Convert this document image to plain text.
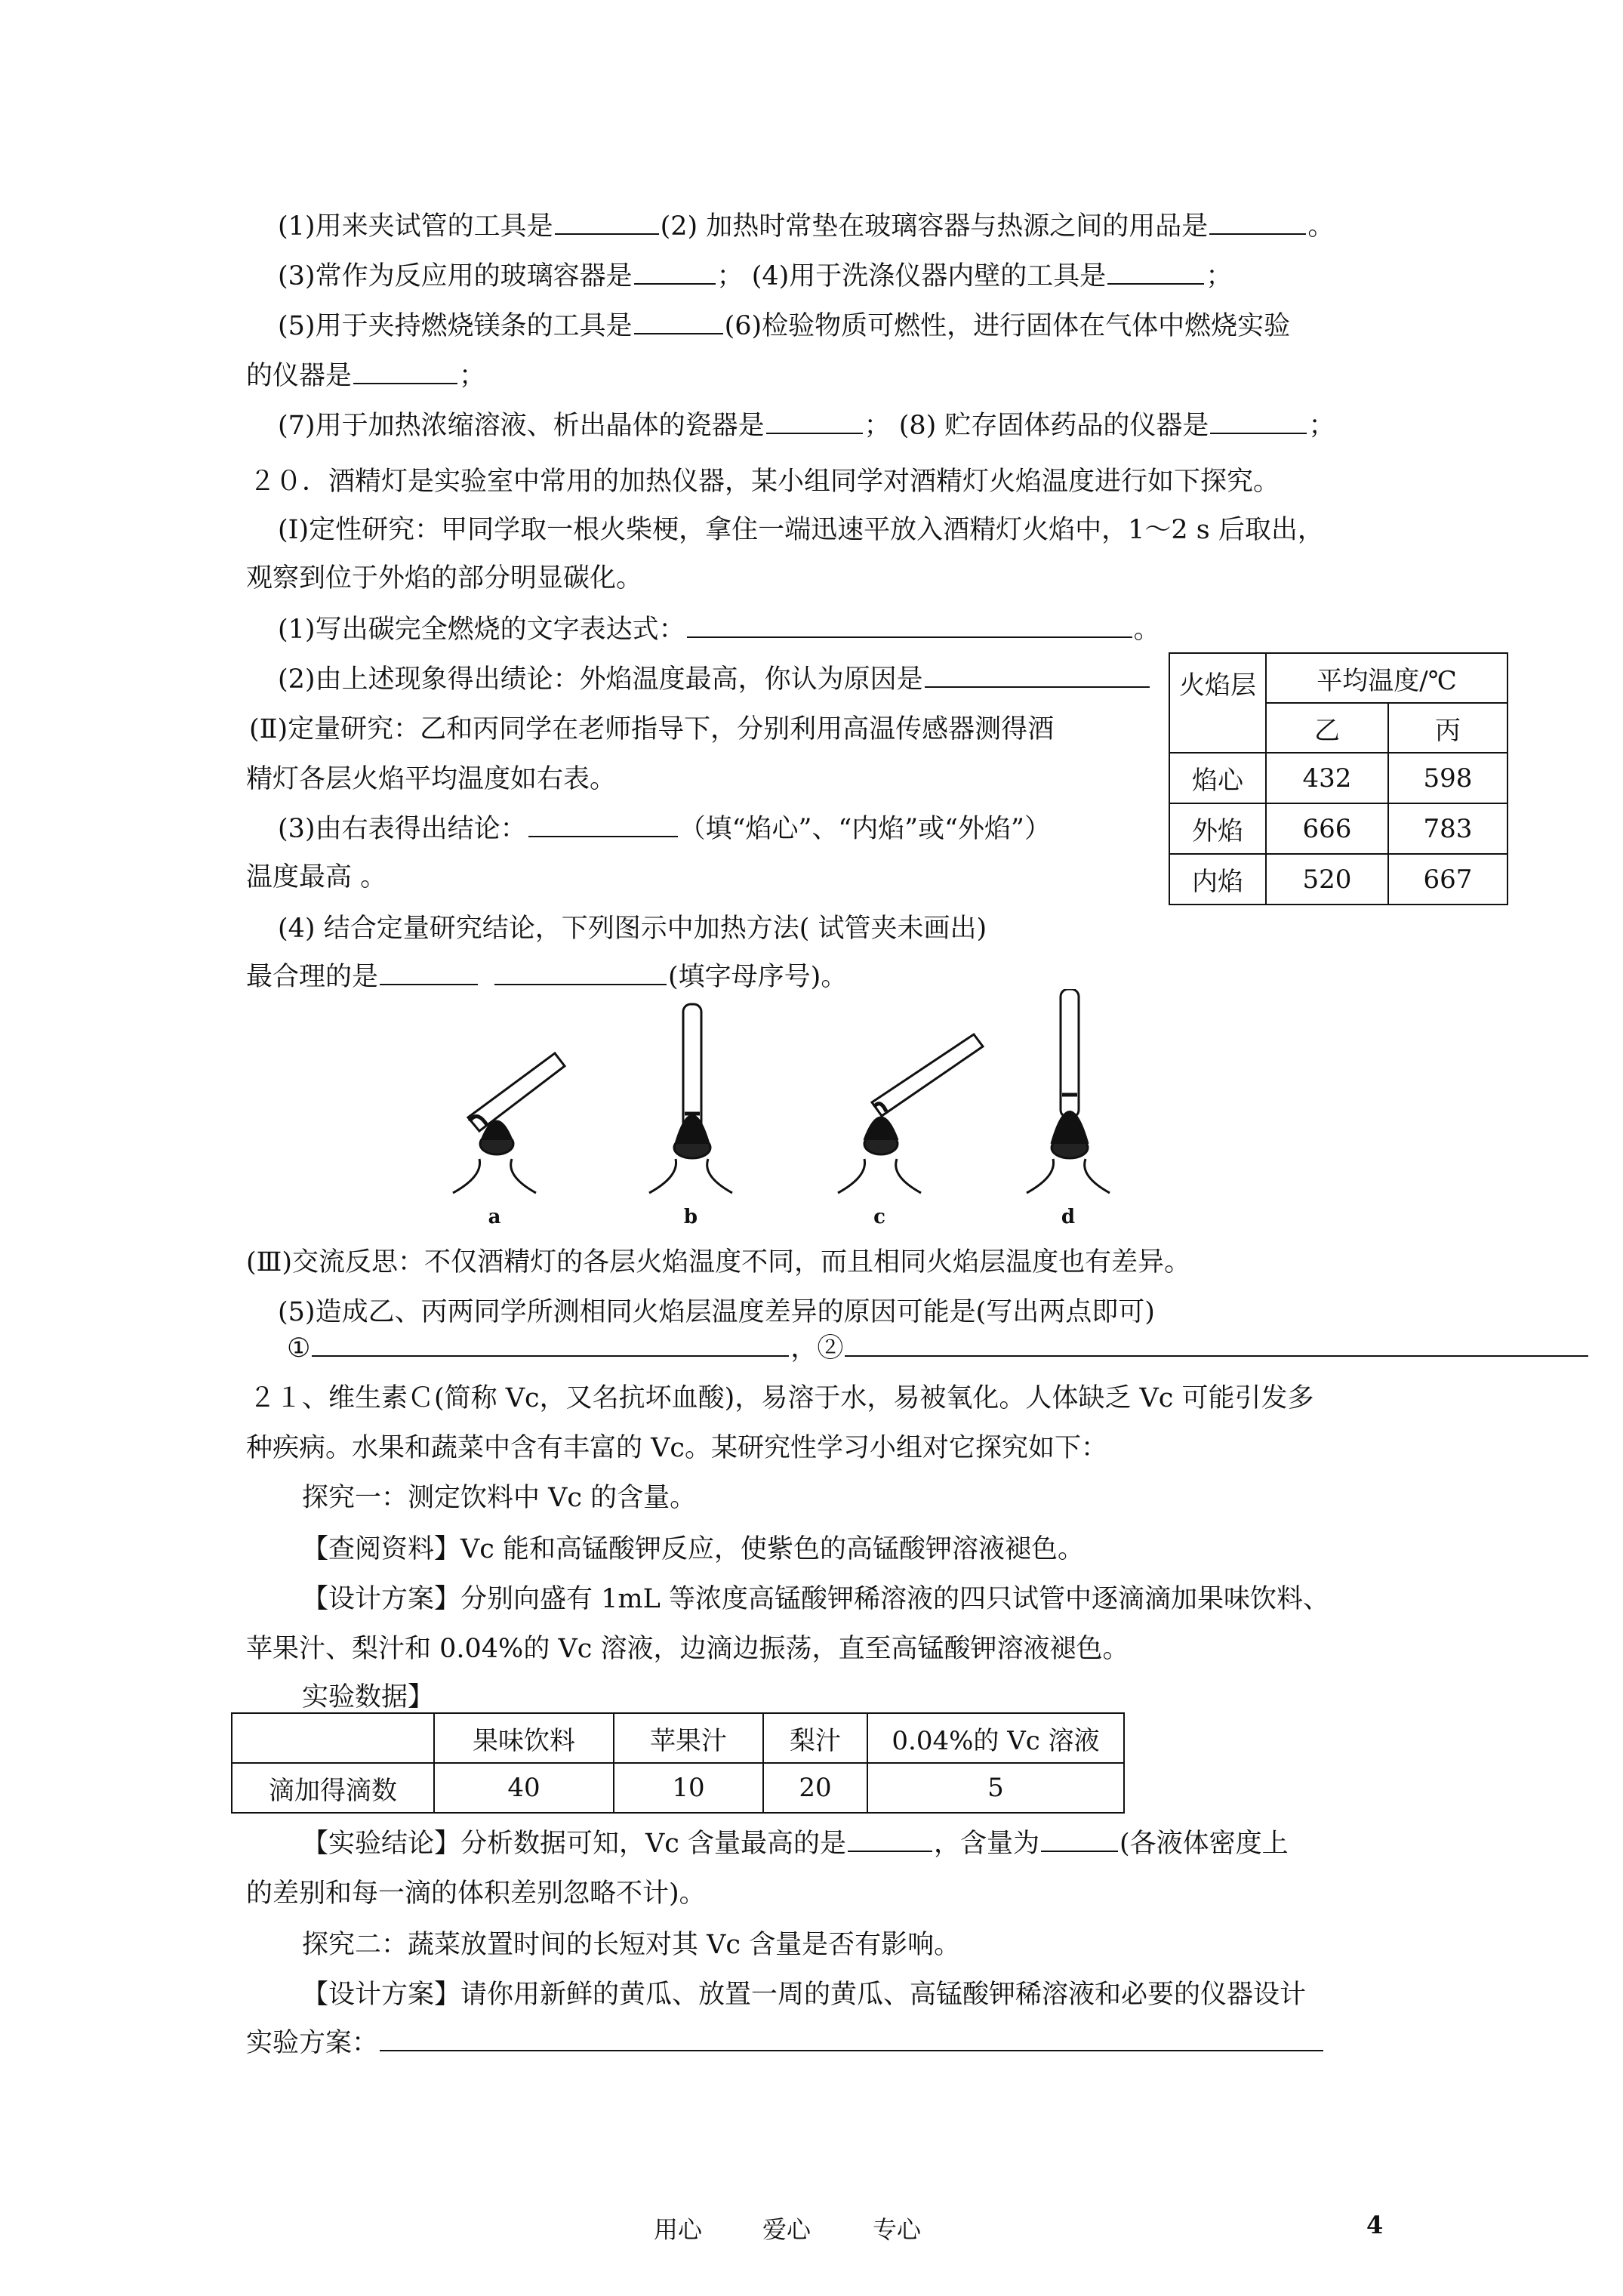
(1)用来夹试管的工具是	(2) 加热时常垫在玻璃容器与热源之间的用品是	。
(3)常作为反应用的玻璃容器是	； (4)用于洗涤仪器内壁的工具是	；
(5)用于夹持燃烧镁条的工具是	(6)检验物质可燃性，进行固体在气体中燃烧实验
的仪器是	；
(7)用于加热浓缩溶液、析出晶体的瓷器是	； (8) 贮存固体药品的仪器是	；
２０．酒精灯是实验室中常用的加热仪器，某小组同学对酒精灯火焰温度进行如下探究。
(Ⅰ)定性研究：甲同学取一根火柴梗，拿住一端迅速平放入酒精灯火焰中，1～2 s 后取出，
观察到位于外焰的部分明显碳化。
(1)写出碳完全燃烧的文字表达式：	。
(2)由上述现象得出绩论：外焰温度最高，你认为原因是
(Ⅱ)定量研究：乙和丙同学在老师指导下，分别利用高温传感器测得酒
精灯各层火焰平均温度如右表。
(3)由右表得出结论：	（填“焰心”、“内焰”或“外焰”）
温度最高 。
(4) 结合定量研究结论，下列图示中加热方法( 试管夹未画出)
最合理的是	(填字母序号)。
火焰层	平均温度/℃	
	乙	丙
焰心	432	598
外焰	666	783
内焰	520	667
a	b	c	d
(Ⅲ)交流反思：不仅酒精灯的各层火焰温度不同，而且相同火焰层温度也有差异。
(5)造成乙、丙两同学所测相同火焰层温度差异的原因可能是(写出两点即可)
①	，②
２１、维生素Ｃ(简称 Vc，又名抗坏血酸)，易溶于水，易被氧化。人体缺乏 Vc 可能引发多
种疾病。水果和蔬菜中含有丰富的 Vc。某研究性学习小组对它探究如下：
探究一：测定饮料中 Vc 的含量。
【查阅资料】Vc 能和高锰酸钾反应，使紫色的高锰酸钾溶液褪色。
【设计方案】分别向盛有 1mL 等浓度高锰酸钾稀溶液的四只试管中逐滴滴加果味饮料、
苹果汁、梨汁和 0.04%的 Vc 溶液，边滴边振荡，直至高锰酸钾溶液褪色。
实验数据】
	果味饮料	苹果汁	梨汁	0.04%的 Vc 溶液
滴加得滴数	40	10	20	5
【实验结论】分析数据可知，Vc 含量最高的是	，含量为	(各液体密度上
的差别和每一滴的体积差别忽略不计)。
探究二：蔬菜放置时间的长短对其 Vc 含量是否有影响。
【设计方案】请你用新鲜的黄瓜、放置一周的黄瓜、高锰酸钾稀溶液和必要的仪器设计
实验方案：
用心 爱心	专心	4
